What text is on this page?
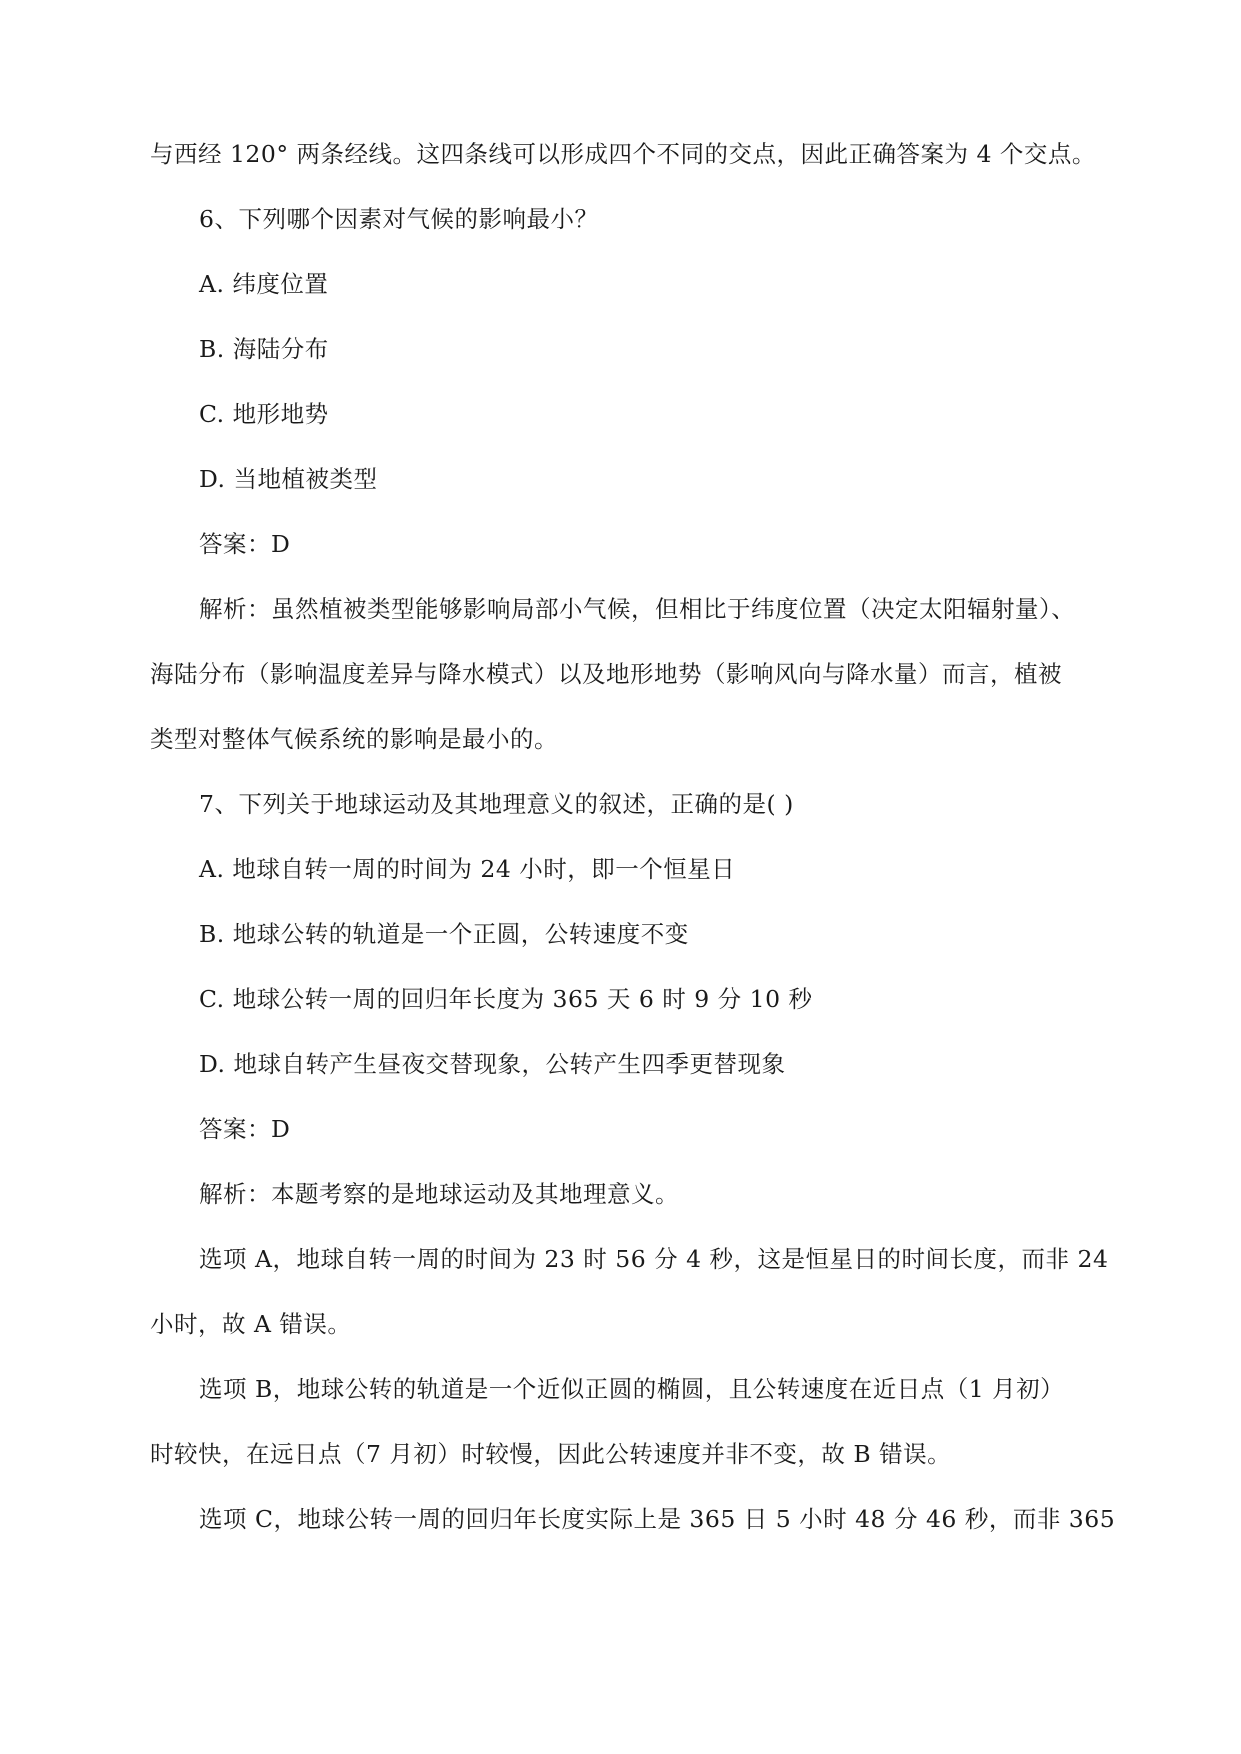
与西经 120° 两条经线。这四条线可以形成四个不同的交点，因此正确答案为 4 个交点。
6、下列哪个因素对气候的影响最小？
A. 纬度位置
B. 海陆分布
C. 地形地势
D. 当地植被类型
答案：D
解析：虽然植被类型能够影响局部小气候，但相比于纬度位置（决定太阳辐射量）、
海陆分布（影响温度差异与降水模式）以及地形地势（影响风向与降水量）而言，植被
类型对整体气候系统的影响是最小的。
7、下列关于地球运动及其地理意义的叙述，正确的是( )
A. 地球自转一周的时间为 24 小时，即一个恒星日
B. 地球公转的轨道是一个正圆，公转速度不变
C. 地球公转一周的回归年长度为 365 天 6 时 9 分 10 秒
D. 地球自转产生昼夜交替现象，公转产生四季更替现象
答案：D
解析：本题考察的是地球运动及其地理意义。
选项 A，地球自转一周的时间为 23 时 56 分 4 秒，这是恒星日的时间长度，而非 24
小时，故 A 错误。
选项 B，地球公转的轨道是一个近似正圆的椭圆，且公转速度在近日点（1 月初）
时较快，在远日点（7 月初）时较慢，因此公转速度并非不变，故 B 错误。
选项 C，地球公转一周的回归年长度实际上是 365 日 5 小时 48 分 46 秒，而非 365
